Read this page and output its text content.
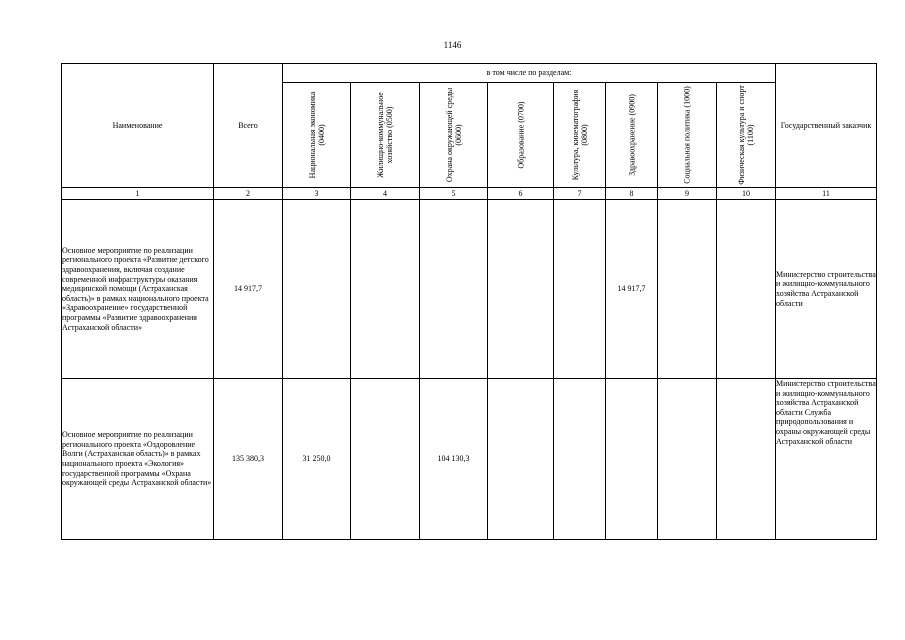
1146
Наименование	Всего	в том числе по разделам:								Государственный заказчик

		Национальная экономика (0400)	Жилищно-коммунальное хозяйство (0500)	Охрана окружающей среды (0600)	Образование (0700)	Культура, кинематография (0800)	Здравоохранение (0900)	Социальная политика (1000)	Физическая культура и спорт (1100)	

1	2	3	4	5	6	7	8	9	10	11
Основное мероприятие по реализации регионального проекта «Развитие детского здравоохранения, включая создание современной инфраструктуры оказания медицинской помощи (Астраханская область)» в рамках национального проекта «Здравоохранение» государственной программы «Развитие здравоохранения Астраханской области»	14 917,7						14 917,7			Министерство строительства и жилищно-коммунального хозяйства Астраханской области
Основное мероприятие по реализации регионального проекта «Оздоровление Волги (Астраханская область)» в рамках национального проекта «Экология» государственной программы «Охрана окружающей среды Астраханской области»	135 380,3	31 250,0		104 130,3						Министерство строительства и жилищно-коммунального хозяйства Астраханской области Служба природопользования и охраны окружающей среды Астраханской области
